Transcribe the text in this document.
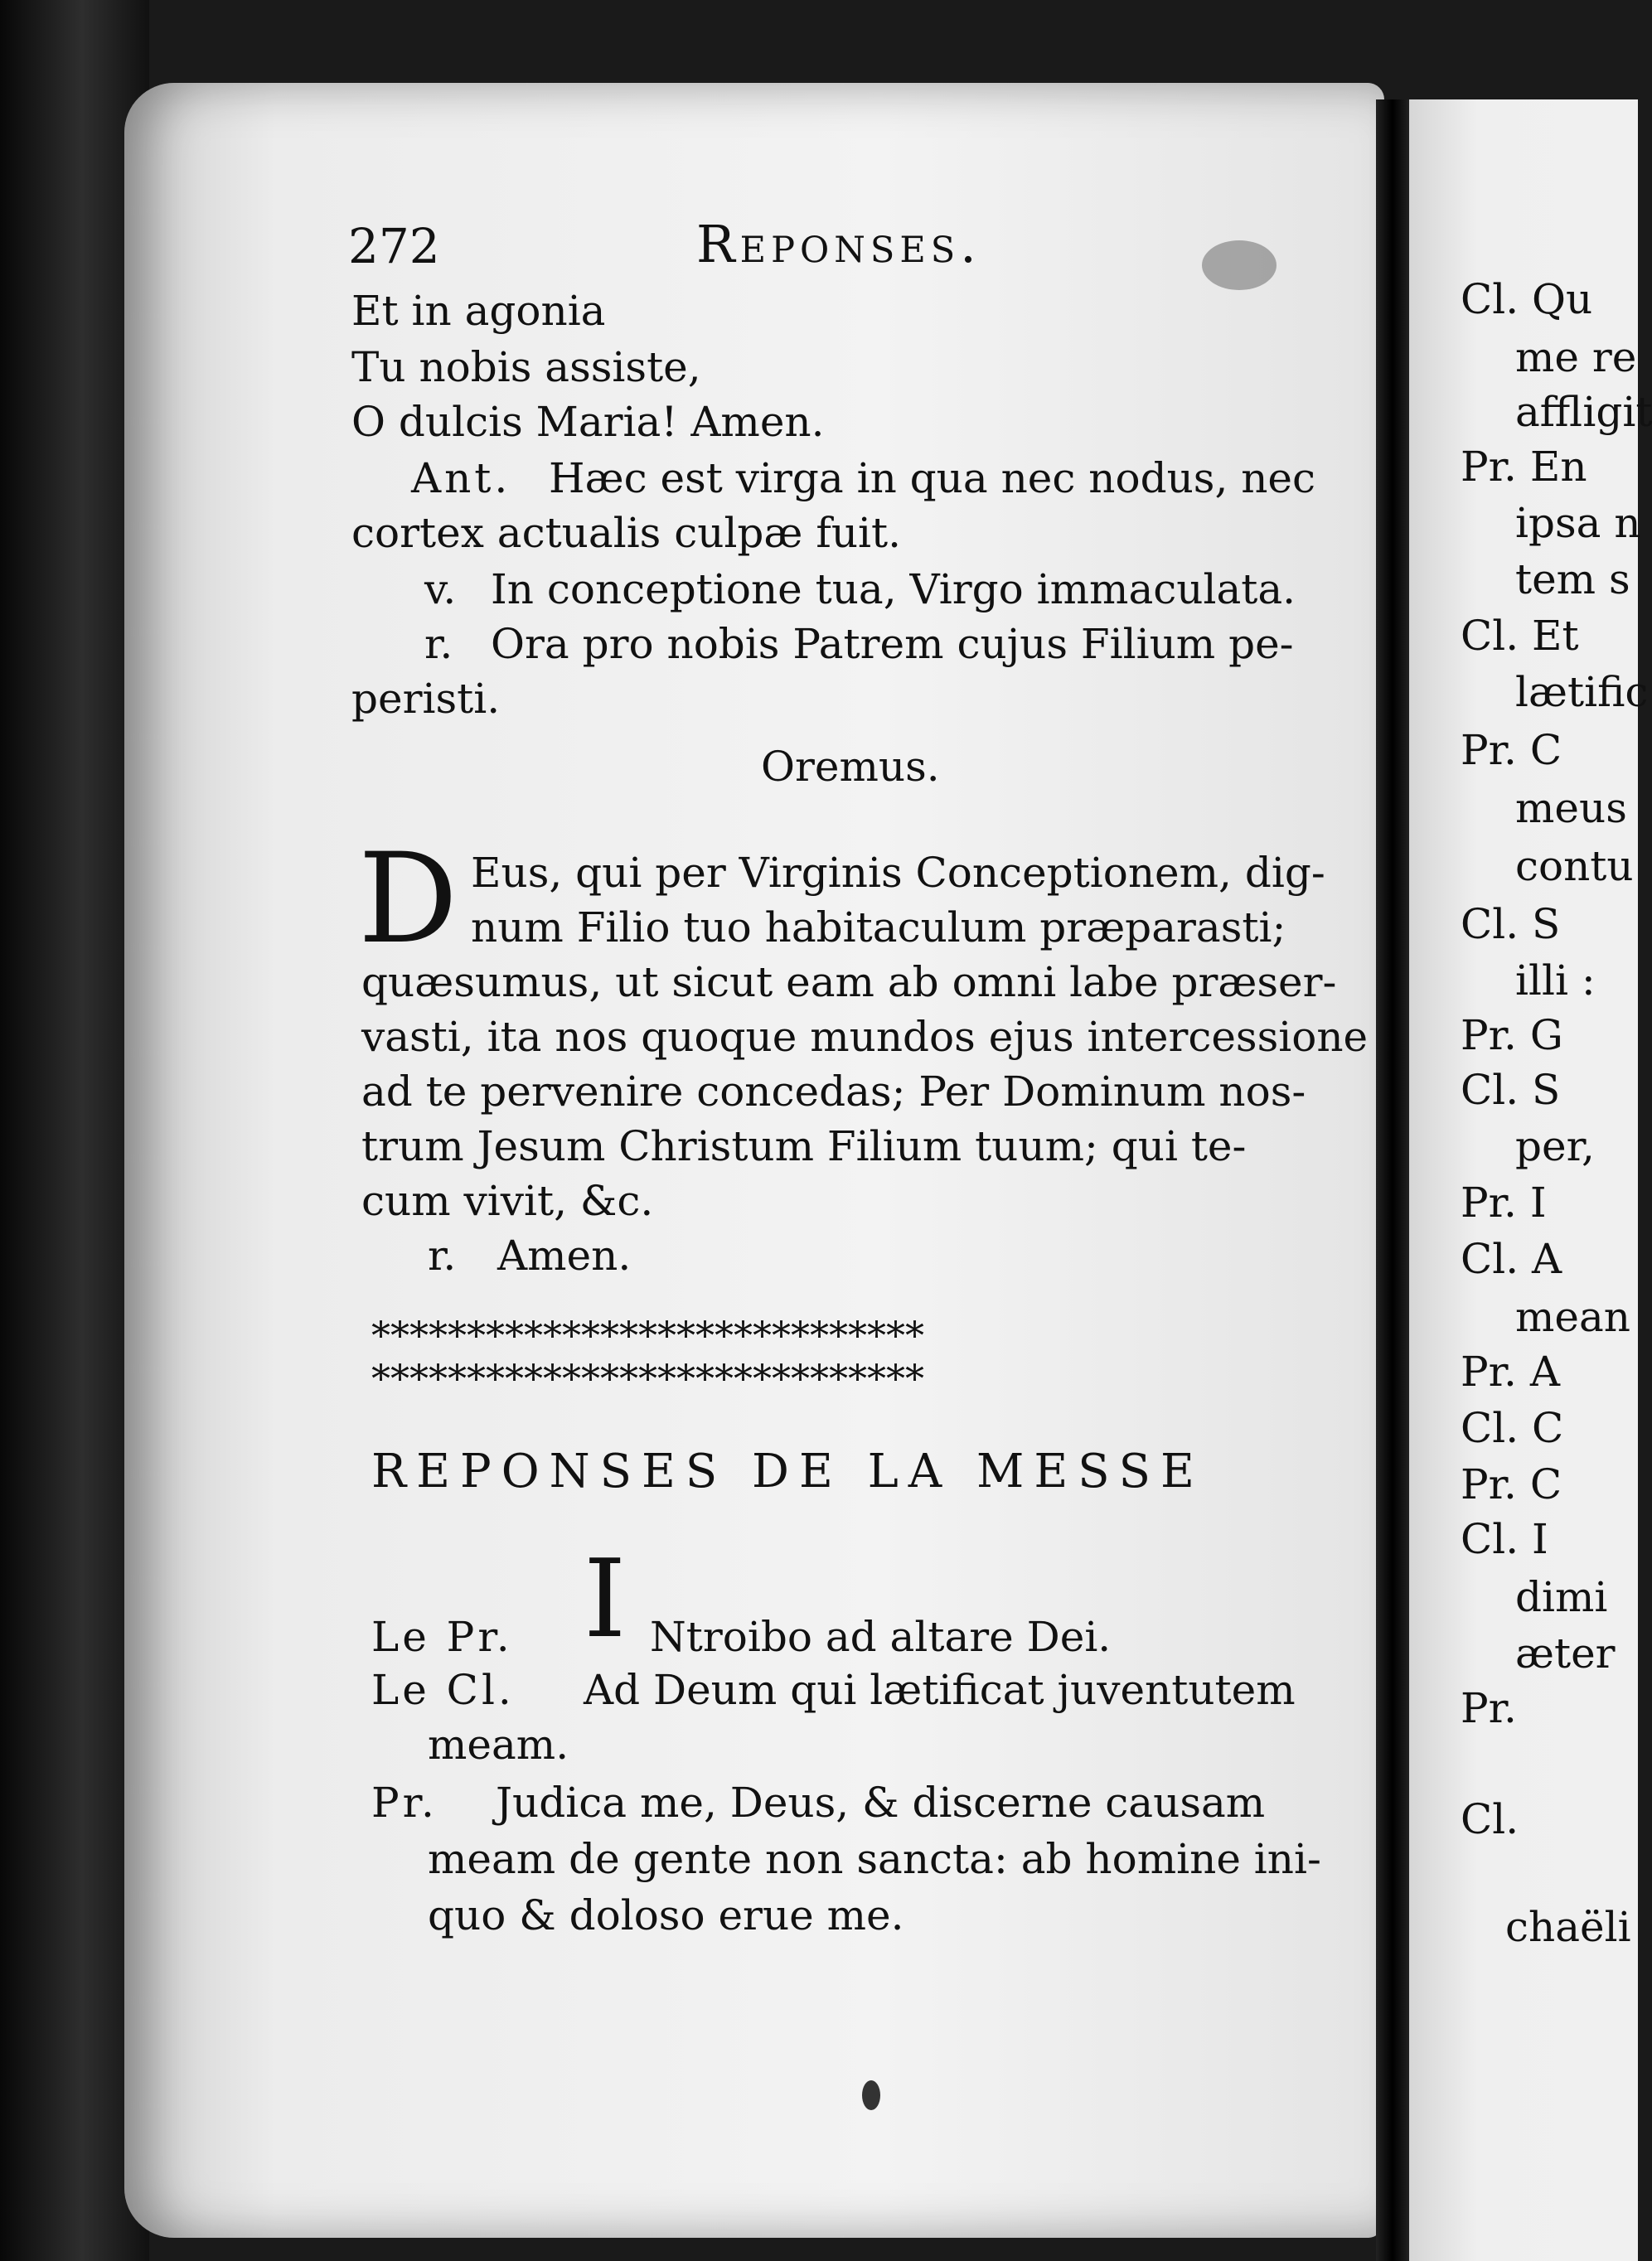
272	Reponses.
Et in agonia
Tu nobis assiste,
O dulcis Maria! Amen.
Ant. Hæc est virga in qua nec nodus, nec
cortex actualis culpæ fuit.
v. In conceptione tua, Virgo immaculata.
r. Ora pro nobis Patrem cujus Filium pe-
peristi.
Oremus.
D Eus, qui per Virginis Conceptionem, dig-
num Filio tuo habitaculum præparasti;
quæsumus, ut sicut eam ab omni labe præser-
vasti, ita nos quoque mundos ejus intercessione
ad te pervenire concedas; Per Dominum nos-
trum Jesum Christum Filium tuum; qui te-
cum vivit, &c.
r. Amen.
*****************************
*****************************
REPONSES DE LA MESSE
Le Pr. I Ntroibo ad altare Dei.
Le Cl. Ad Deum qui lætificat juventutem
meam.
Pr. Judica me, Deus, & discerne causam
meam de gente non sancta: ab homine ini-
quo & doloso erue me.
Cl. Qu
me re
affligit
Pr. En
ipsa n
tem s
Cl. Et
lætific
Pr. C
meus
contu
Cl. S
illi :
Pr. G
Cl. S
per,
Pr. I
Cl. A
mean
Pr. A
Cl. C
Pr. C
Cl. I
dimi
æter
Pr.
Cl.
chaëli
